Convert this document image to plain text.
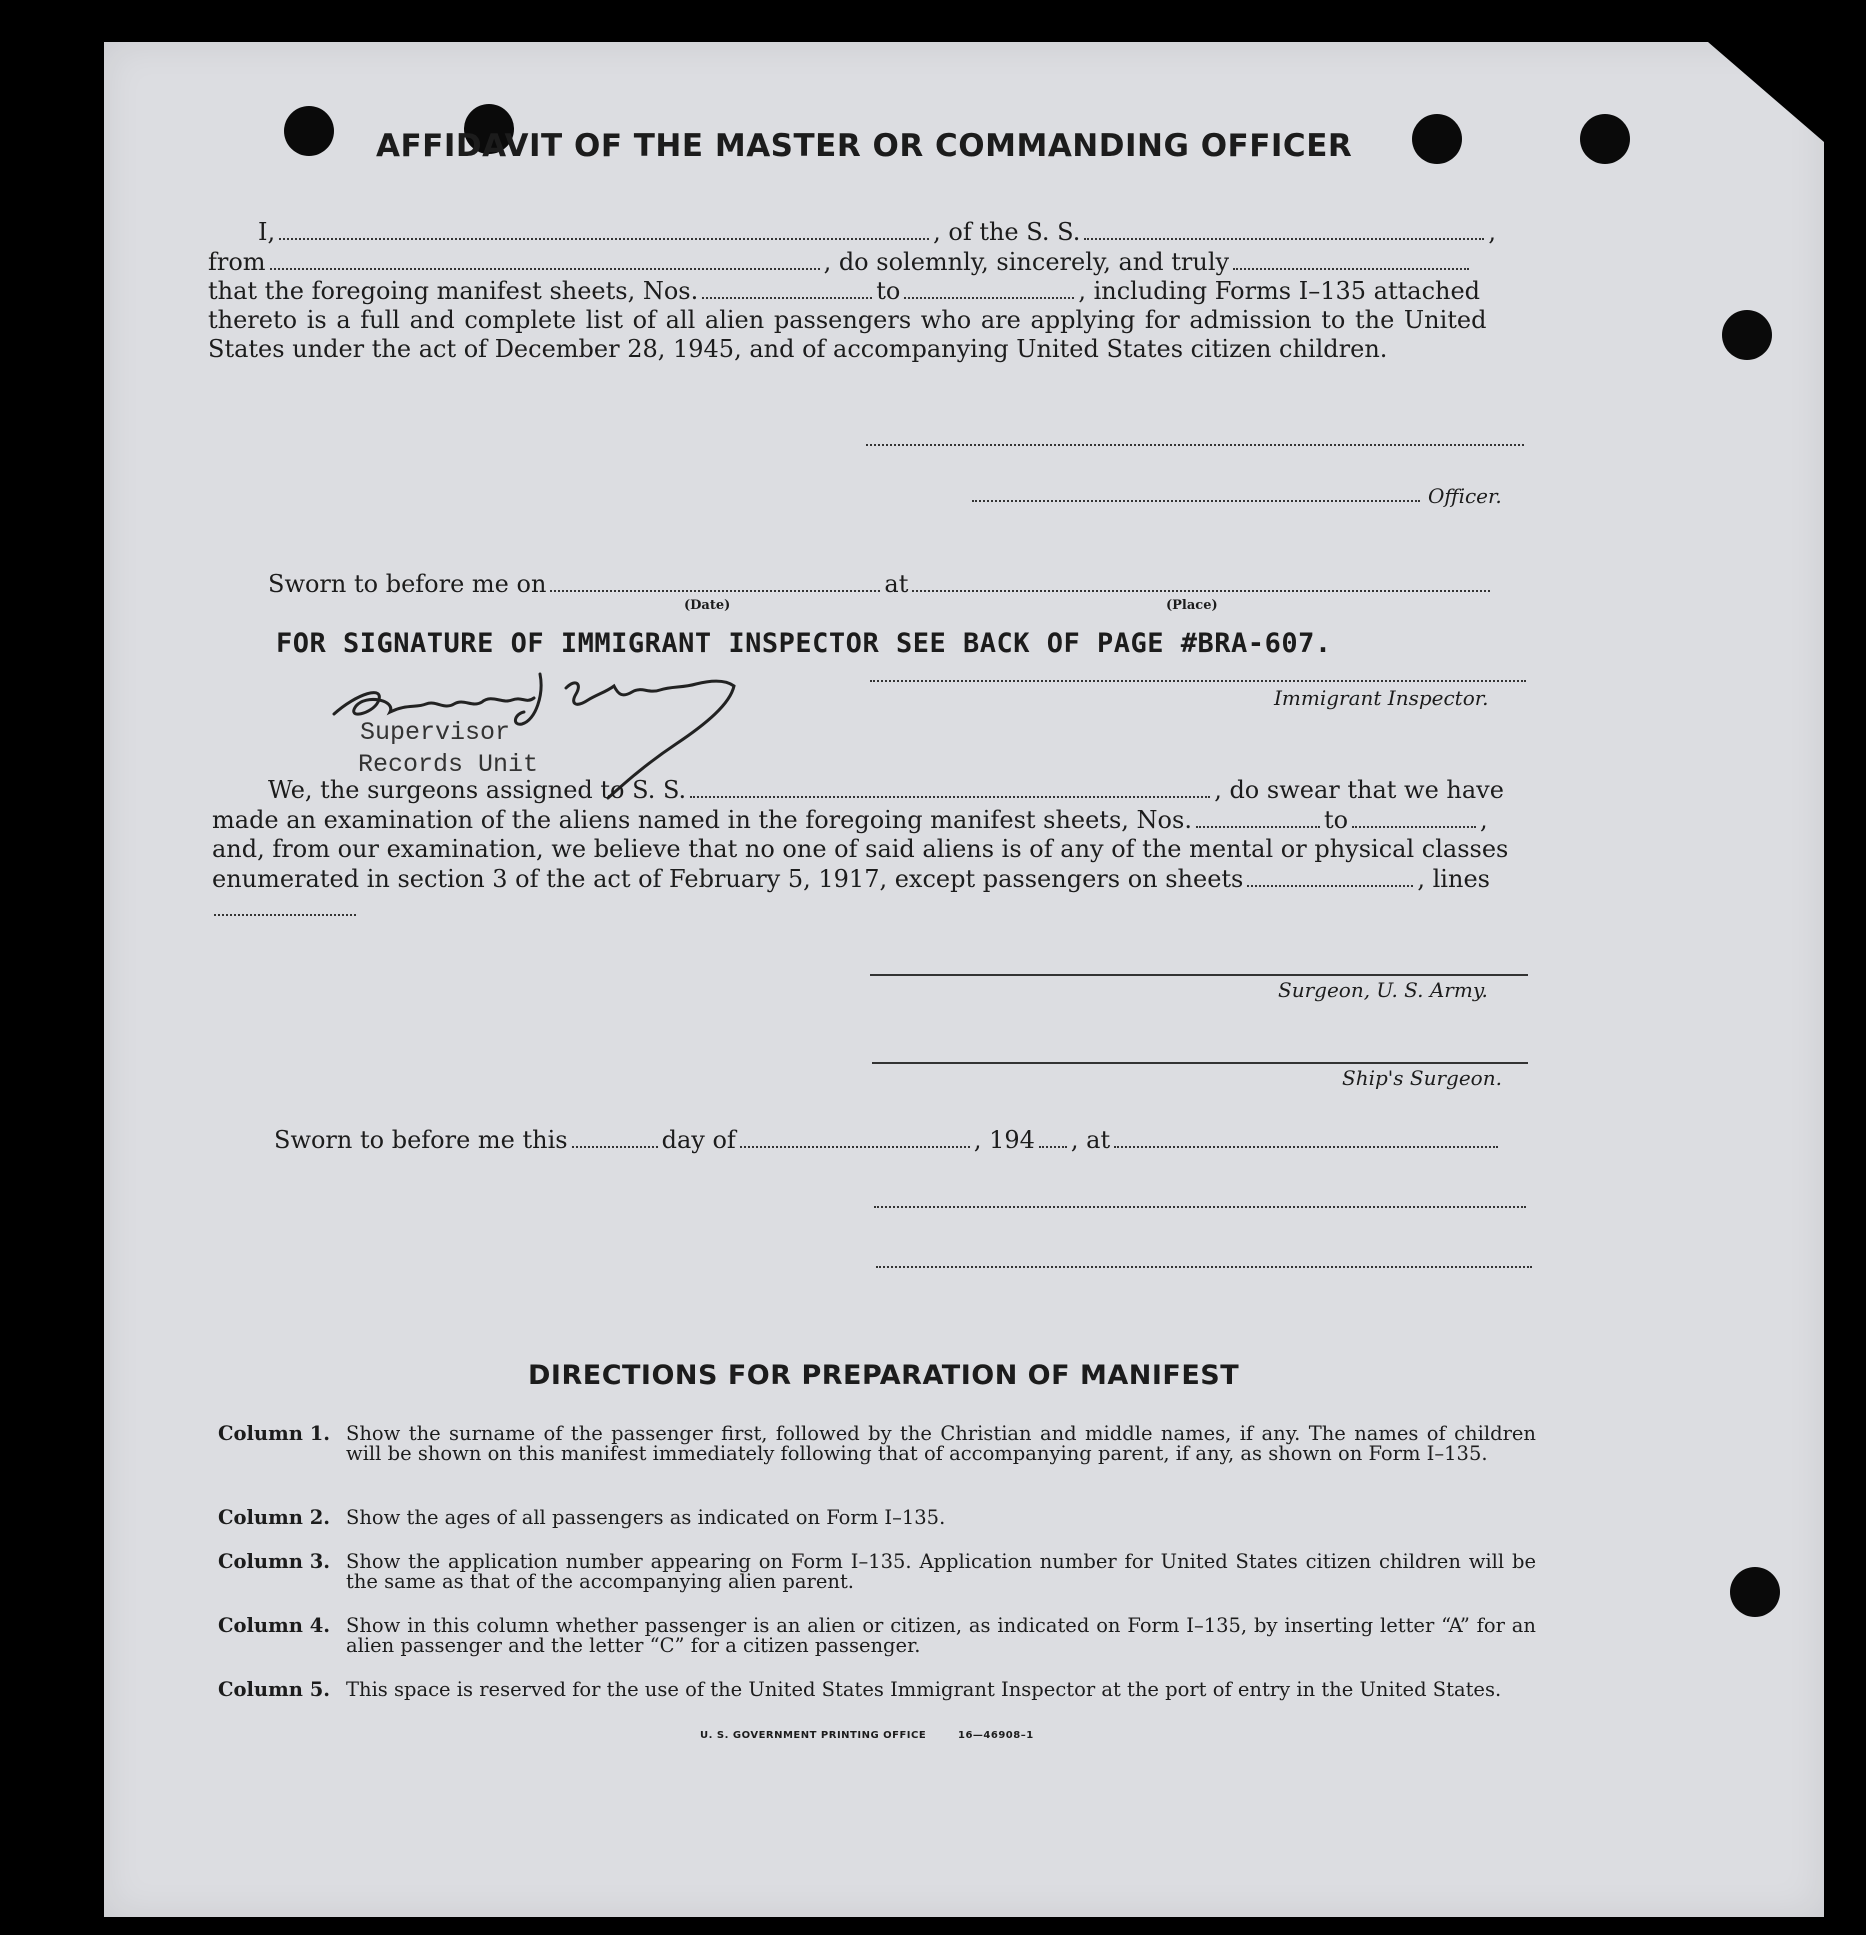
AFFIDAVIT OF THE MASTER OR COMMANDING OFFICER
I,	, of the S. S.	,
from	, do solemnly, sincerely, and truly
that the foregoing manifest sheets, Nos.	to	, including Forms I–135 attached
thereto is a full and complete list of all alien passengers who are applying for admission to the United
States under the act of December 28, 1945, and of accompanying United States citizen children.
Officer.
Sworn to before me on	at
(Date)	(Place)
FOR SIGNATURE OF IMMIGRANT INSPECTOR SEE BACK OF PAGE #BRA-607.
Immigrant Inspector.
Supervisor
Records Unit
We, the surgeons assigned to S. S.	, do swear that we have
made an examination of the aliens named in the foregoing manifest sheets, Nos.	to	,
and, from our examination, we believe that no one of said aliens is of any of the mental or physical classes
enumerated in section 3 of the act of February 5, 1917, except passengers on sheets	, lines
Surgeon, U. S. Army.
Ship's Surgeon.
Sworn to before me this	day of	, 194 , at
DIRECTIONS FOR PREPARATION OF MANIFEST
Column 1. Show the surname of the passenger first, followed by the Christian and middle names, if any. The names of children will be shown on this manifest immediately following that of accompanying parent, if any, as shown on Form I–135.
Column 2. Show the ages of all passengers as indicated on Form I–135.
Column 3. Show the application number appearing on Form I–135. Application number for United States citizen children will be the same as that of the accompanying alien parent.
Column 4. Show in this column whether passenger is an alien or citizen, as indicated on Form I–135, by inserting letter “A” for an alien passenger and the letter “C” for a citizen passenger.
Column 5. This space is reserved for the use of the United States Immigrant Inspector at the port of entry in the United States.
U. S. GOVERNMENT PRINTING OFFICE	16—46908–1
